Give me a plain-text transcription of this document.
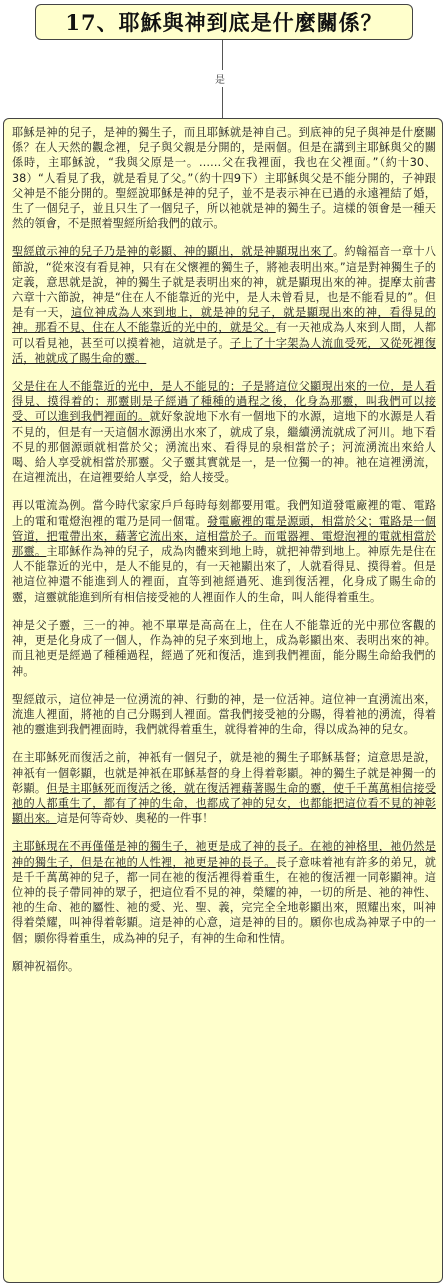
17、耶穌與神到底是什麼關係？
是

耶穌是神的兒子，是神的獨生子，而且耶穌就是神自己。到底神的兒子與神是什麼關係？在人天然的觀念裡，兒子與父親是分開的，是兩個。但是在講到主耶穌與父的關係時，主耶穌說，“我與父原是一。……父在我裡面，我也在父裡面。”（約十30、38）“人看見了我，就是看見了父。”（約十四9下）主耶穌與父是不能分開的，子神跟父神是不能分開的。聖經說耶穌是神的兒子，並不是表示神在已過的永遠裡結了婚，生了一個兒子，並且只生了一個兒子，所以祂就是神的獨生子。這樣的領會是一種天然的領會，不是照着聖經所給我們的啟示。

聖經啟示神的兒子乃是神的彰顯、神的顯出，就是神顯現出來了。約翰福音一章十八節說，“從來沒有看見神，只有在父懷裡的獨生子，將祂表明出來。”這是對神獨生子的定義，意思就是說，神的獨生子就是表明出來的神，就是顯現出來的神。提摩太前書六章十六節說，神是“住在人不能靠近的光中，是人未曾看見，也是不能看見的”。但是有一天，這位神成為人來到地上，就是神的兒子，就是顯現出來的神，看得見的神。那看不見、住在人不能靠近的光中的，就是父。有一天祂成為人來到人間，人都可以看見祂，甚至可以摸着祂，這就是子。子上了十字架為人流血受死，又從死裡復活，祂就成了賜生命的靈。

父是住在人不能靠近的光中，是人不能見的；子是將這位父顯現出來的一位，是人看得見、摸得着的；那靈則是子經過了種種的過程之後，化身為那靈，叫我們可以接受、可以進到我們裡面的。就好象說地下水有一個地下的水源，這地下的水源是人看不見的，但是有一天這個水源湧出水來了，就成了泉，繼續湧流就成了河川。地下看不見的那個源頭就相當於父；湧流出來、看得見的泉相當於子；河流湧流出來給人喝、給人享受就相當於那靈。父子靈其實就是一，是一位獨一的神。祂在這裡湧流，在這裡流出，在這裡要給人享受，給人接受。

再以電流為例。當今時代家家戶戶每時每刻都要用電。我們知道發電廠裡的電、電路上的電和電燈泡裡的電乃是同一個電。發電廠裡的電是源頭，相當於父；電路是一個管道，把電帶出來，藉著它流出來，這相當於子。而電器裡、電燈泡裡的電就相當於那靈。主耶穌作為神的兒子，成為肉體來到地上時，就把神帶到地上。神原先是住在人不能靠近的光中，是人不能見的，有一天祂顯出來了，人就看得見、摸得着。但是祂這位神還不能進到人的裡面，直等到祂經過死、進到復活裡，化身成了賜生命的靈，這靈就能進到所有相信接受祂的人裡面作人的生命，叫人能得着重生。

神是父子靈，三一的神。祂不單單是高高在上，住在人不能靠近的光中那位客觀的神，更是化身成了一個人，作為神的兒子來到地上，成為彰顯出來、表明出來的神。而且祂更是經過了種種過程，經過了死和復活，進到我們裡面，能分賜生命給我們的神。

聖經啟示，這位神是一位湧流的神、行動的神，是一位活神。這位神一直湧流出來，流進人裡面，將祂的自己分賜到人裡面。當我們接受祂的分賜，得着祂的湧流，得着祂的靈進到我們裡面時，我們就得着重生，就得着神的生命，得以成為神的兒女。

在主耶穌死而復活之前，神祇有一個兒子，就是祂的獨生子耶穌基督；這意思是說，神祇有一個彰顯，也就是神祇在耶穌基督的身上得着彰顯。神的獨生子就是神獨一的彰顯。但是主耶穌死而復活之後，就在復活裡藉著賜生命的靈，使千千萬萬相信接受祂的人都重生了，都有了神的生命，也都成了神的兒女，也都能把這位看不見的神彰顯出來。這是何等奇妙、奧秘的一件事！

主耶穌現在不再僅僅是神的獨生子，祂更是成了神的長子。在祂的神格里，祂仍然是神的獨生子，但是在祂的人性裡，祂更是神的長子。長子意味着祂有許多的弟兄，就是千千萬萬神的兒子，都一同在祂的復活裡得着重生，在祂的復活裡一同彰顯神。這位神的長子帶同神的眾子，把這位看不見的神，榮耀的神，一切的所是、祂的神性、祂的生命、祂的屬性、祂的愛、光、聖、義，完完全全地彰顯出來，照耀出來，叫神得着榮耀，叫神得着彰顯。這是神的心意，這是神的目的。願你也成為神眾子中的一個；願你得着重生，成為神的兒子，有神的生命和性情。

願神祝福你。
